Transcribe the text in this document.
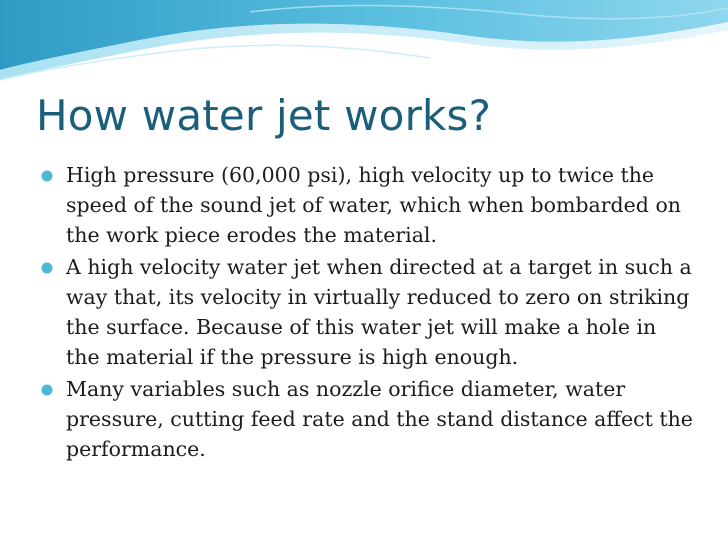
How water jet works?
High pressure (60,000 psi), high velocity up to twice the speed of the sound jet of water, which when bombarded on the work piece erodes the material.
A high velocity water jet when directed at a target in such a way that, its velocity in virtually reduced to zero on striking the surface. Because of this water jet will make a hole in the material if the pressure is high enough.
Many variables such as nozzle orifice diameter, water pressure, cutting feed rate and the stand distance affect the performance.
